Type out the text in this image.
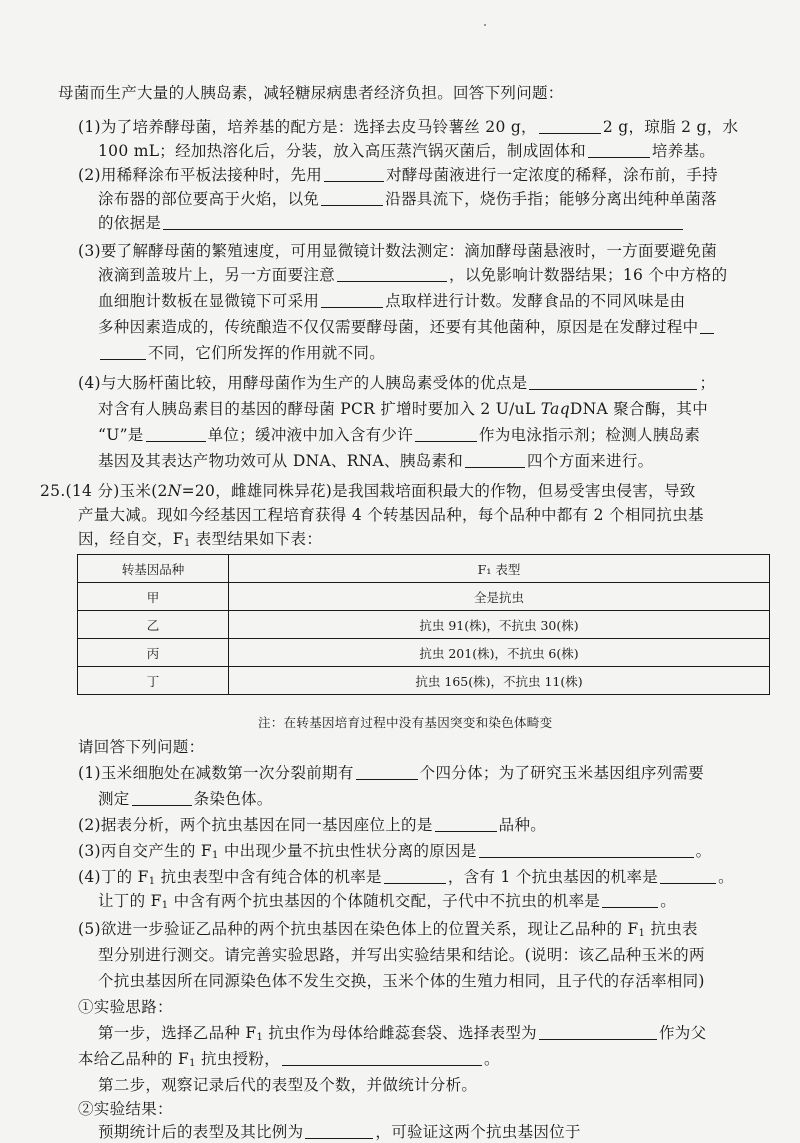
母菌而生产大量的人胰岛素，减轻糖尿病患者经济负担。回答下列问题：
(1)为了培养酵母菌，培养基的配方是：选择去皮马铃薯丝 20 g，	2 g，琼脂 2 g，水
100 mL；经加热溶化后，分装，放入高压蒸汽锅灭菌后，制成固体和	培养基。
(2)用稀释涂布平板法接种时，先用	对酵母菌液进行一定浓度的稀释，涂布前，手持
涂布器的部位要高于火焰，以免	沿器具流下，烧伤手指；能够分离出纯种单菌落
的依据是
(3)要了解酵母菌的繁殖速度，可用显微镜计数法测定：滴加酵母菌悬液时，一方面要避免菌
液滴到盖玻片上，另一方面要注意	，以免影响计数器结果；16 个中方格的
血细胞计数板在显微镜下可采用	点取样进行计数。发酵食品的不同风味是由
多种因素造成的，传统酿造不仅仅需要酵母菌，还要有其他菌种，原因是在发酵过程中
不同，它们所发挥的作用就不同。
(4)与大肠杆菌比较，用酵母菌作为生产的人胰岛素受体的优点是	；
对含有人胰岛素目的基因的酵母菌 PCR 扩增时要加入 2 U/uL TaqDNA 聚合酶，其中
“U”是	单位；缓冲液中加入含有少许	作为电泳指示剂；检测人胰岛素
基因及其表达产物功效可从 DNA、RNA、胰岛素和	四个方面来进行。
25.(14 分)玉米(2N=20，雌雄同株异花)是我国栽培面积最大的作物，但易受害虫侵害，导致
产量大减。现如今经基因工程培育获得 4 个转基因品种，每个品种中都有 2 个相同抗虫基
因，经自交，$F_1$ 表型结果如下表：
转基因品种	F₁ 表型
甲	全是抗虫
乙	抗虫 91(株)，不抗虫 30(株)
丙	抗虫 201(株)，不抗虫 6(株)
丁	抗虫 165(株)，不抗虫 11(株)
注：在转基因培育过程中没有基因突变和染色体畸变
请回答下列问题：
(1)玉米细胞处在减数第一次分裂前期有	个四分体；为了研究玉米基因组序列需要
测定	条染色体。
(2)据表分析，两个抗虫基因在同一基因座位上的是	品种。
(3)丙自交产生的 $F_1$ 中出现少量不抗虫性状分离的原因是	。
(4)丁的 $F_1$ 抗虫表型中含有纯合体的机率是	，含有 1 个抗虫基因的机率是	。
让丁的 $F_1$ 中含有两个抗虫基因的个体随机交配，子代中不抗虫的机率是	。
(5)欲进一步验证乙品种的两个抗虫基因在染色体上的位置关系，现让乙品种的 $F_1$ 抗虫表
型分别进行测交。请完善实验思路，并写出实验结果和结论。(说明：该乙品种玉米的两
个抗虫基因所在同源染色体不发生交换，玉米个体的生殖力相同，且子代的存活率相同)
①实验思路：
第一步，选择乙品种 $F_1$ 抗虫作为母体给雌蕊套袋、选择表型为	作为父
本给乙品种的 $F_1$ 抗虫授粉，	。
第二步，观察记录后代的表型及个数，并做统计分析。
②实验结果：
预期统计后的表型及其比例为	，可验证这两个抗虫基因位于
